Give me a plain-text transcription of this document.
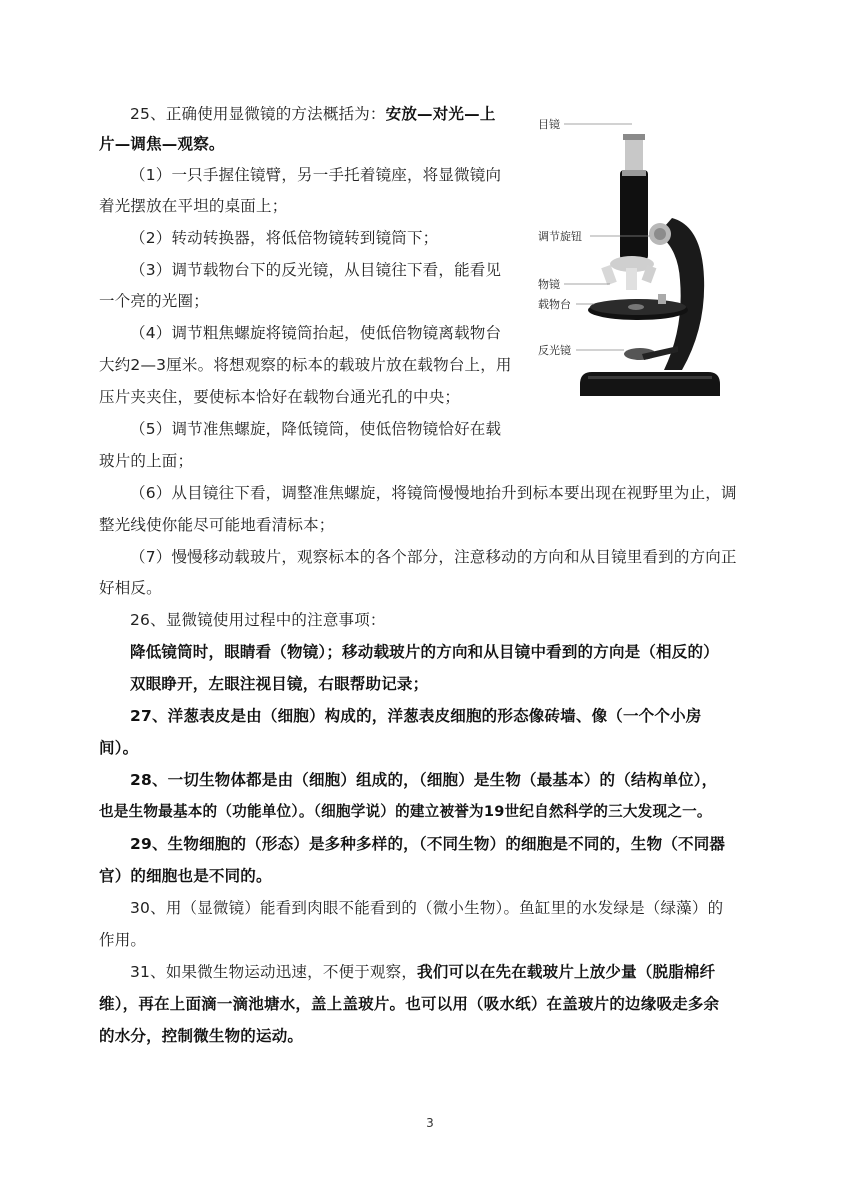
25、正确使用显微镜的方法概括为：安放—对光—上
片—调焦—观察。
（1）一只手握住镜臂，另一手托着镜座，将显微镜向
着光摆放在平坦的桌面上；
（2）转动转换器，将低倍物镜转到镜筒下；
（3）调节载物台下的反光镜，从目镜往下看，能看见
一个亮的光圈；
（4）调节粗焦螺旋将镜筒抬起，使低倍物镜离载物台
大约2—3厘米。将想观察的标本的载玻片放在载物台上，用
压片夹夹住，要使标本恰好在载物台通光孔的中央；
（5）调节准焦螺旋，降低镜筒，使低倍物镜恰好在载
玻片的上面；
（6）从目镜往下看，调整准焦螺旋，将镜筒慢慢地抬升到标本要出现在视野里为止，调
整光线使你能尽可能地看清标本；
（7）慢慢移动载玻片，观察标本的各个部分，注意移动的方向和从目镜里看到的方向正
好相反。
目镜
调节旋钮
物镜
载物台
反光镜
26、显微镜使用过程中的注意事项：
降低镜筒时，眼睛看（物镜）；移动载玻片的方向和从目镜中看到的方向是（相反的）
双眼睁开，左眼注视目镜，右眼帮助记录；
27、洋葱表皮是由（细胞）构成的，洋葱表皮细胞的形态像砖墙、像（一个个小房
间）。
28、一切生物体都是由（细胞）组成的，（细胞）是生物（最基本）的（结构单位），
也是生物最基本的（功能单位）。（细胞学说）的建立被誉为19世纪自然科学的三大发现之一。
29、生物细胞的（形态）是多种多样的，（不同生物）的细胞是不同的，生物（不同器
官）的细胞也是不同的。
30、用（显微镜）能看到肉眼不能看到的（微小生物）。鱼缸里的水发绿是（绿藻）的
作用。
31、如果微生物运动迅速，不便于观察，我们可以在先在载玻片上放少量（脱脂棉纤
维），再在上面滴一滴池塘水，盖上盖玻片。也可以用（吸水纸）在盖玻片的边缘吸走多余
的水分，控制微生物的运动。
3
